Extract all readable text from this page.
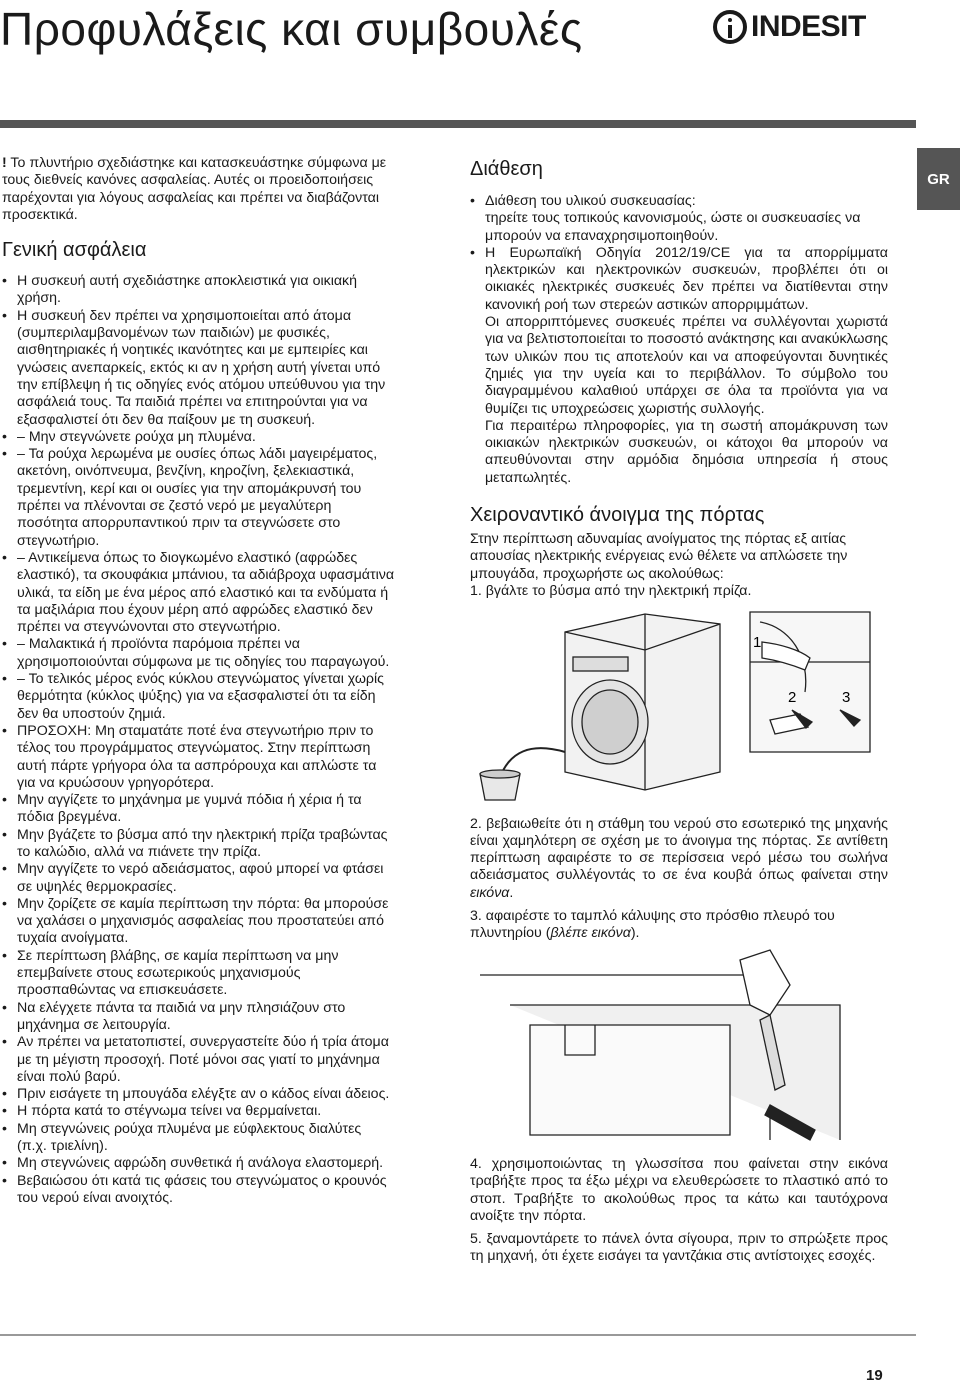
Προφυλάξεις και συμβουλές	INDESIT
GR

! Το πλυντήριο σχεδιάστηκε και κατασκευάστηκε σύμφωνα με τους διεθνείς κανόνες ασφαλείας. Αυτές οι προειδοποιήσεις παρέχονται για λόγους ασφαλείας και πρέπει να διαβάζονται προσεκτικά.

Γενική ασφάλεια
• Η συσκευή αυτή σχεδιάστηκε αποκλειστικά για οικιακή χρήση.
• Η συσκευή δεν πρέπει να χρησιμοποιείται από άτομα (συμπεριλαμβανομένων των παιδιών) με φυσικές, αισθητηριακές ή νοητικές ικανότητες και με εμπειρίες και γνώσεις ανεπαρκείς, εκτός κι αν η χρήση αυτή γίνεται υπό την επίβλεψη ή τις οδηγίες ενός ατόμου υπεύθυνου για την ασφάλειά τους. Τα παιδιά πρέπει να επιτηρούνται για να εξασφαλιστεί ότι δεν θα παίξουν με τη συσκευή.
• – Μην στεγνώνετε ρούχα μη πλυμένα.
• – Τα ρούχα λερωμένα με ουσίες όπως λάδι μαγειρέματος, ακετόνη, οινόπνευμα, βενζίνη, κηροζίνη, ξελεκιαστικά, τρεμεντίνη, κερί και οι ουσίες για την απομάκρυνσή του πρέπει να πλένονται σε ζεστό νερό με μεγαλύτερη ποσότητα απορρυπαντικού πριν τα στεγνώσετε στο στεγνωτήριο.
• – Αντικείμενα όπως το διογκωμένο ελαστικό (αφρώδες ελαστικό), τα σκουφάκια μπάνιου, τα αδιάβροχα υφασμάτινα υλικά, τα είδη με ένα μέρος από ελαστικό και τα ενδύματα ή τα μαξιλάρια που έχουν μέρη από αφρώδες ελαστικό δεν πρέπει να στεγνώνονται στο στεγνωτήριο.
• – Μαλακτικά ή προϊόντα παρόμοια πρέπει να χρησιμοποιούνται σύμφωνα με τις οδηγίες του παραγωγού.
• – Το τελικός μέρος ενός κύκλου στεγνώματος γίνεται χωρίς θερμότητα (κύκλος ψύξης) για να εξασφαλιστεί ότι τα είδη δεν θα υποστούν ζημιά.
• ΠΡΟΣΟΧΗ: Μη σταματάτε ποτέ ένα στεγνωτήριο πριν το τέλος του προγράμματος στεγνώματος. Στην περίπτωση αυτή πάρτε γρήγορα όλα τα ασπρόρουχα και απλώστε τα για να κρυώσουν γρηγορότερα.
• Μην αγγίζετε το μηχάνημα με γυμνά πόδια ή χέρια ή τα πόδια βρεγμένα.
• Μην βγάζετε το βύσμα από την ηλεκτρική πρίζα τραβώντας το καλώδιο, αλλά να πιάνετε την πρίζα.
• Μην αγγίζετε το νερό αδειάσματος, αφού μπορεί να φτάσει σε υψηλές θερμοκρασίες.
• Μην ζορίζετε σε καμία περίπτωση την πόρτα: θα μπορούσε να χαλάσει ο μηχανισμός ασφαλείας που προστατεύει από τυχαία ανοίγματα.
• Σε περίπτωση βλάβης, σε καμία περίπτωση να μην επεμβαίνετε στους εσωτερικούς μηχανισμούς προσπαθώντας να επισκευάσετε.
• Να ελέγχετε πάντα τα παιδιά να μην πλησιάζουν στο μηχάνημα σε λειτουργία.
• Αν πρέπει να μετατοπιστεί, συνεργαστείτε δύο ή τρία άτομα με τη μέγιστη προσοχή. Ποτέ μόνοι σας γιατί το μηχάνημα είναι πολύ βαρύ.
• Πριν εισάγετε τη μπουγάδα ελέγξτε αν ο κάδος είναι άδειος.
• Η πόρτα κατά το στέγνωμα τείνει να θερμαίνεται.
• Μη στεγνώνεις ρούχα πλυμένα με εύφλεκτους διαλύτες (π.χ. τριελίνη).
• Μη στεγνώνεις αφρώδη συνθετικά ή ανάλογα ελαστομερή.
• Βεβαιώσου ότι κατά τις φάσεις του στεγνώματος ο κρουνός του νερού είναι ανοιχτός.
Διάθεση
• Διάθεση του υλικού συσκευασίας:
τηρείτε τους τοπικούς κανονισμούς, ώστε οι συσκευασίες να μπορούν να επαναχρησιμοποιηθούν.
• Η Ευρωπαϊκή Οδηγία 2012/19/CE για τα απορρίμματα ηλεκτρικών και ηλεκτρονικών συσκευών, προβλέπει ότι οι οικιακές ηλεκτρικές συσκευές δεν πρέπει να διατίθενται στην κανονική ροή των στερεών αστικών απορριμμάτων.
Οι απορριπτόμενες συσκευές πρέπει να συλλέγονται χωριστά για να βελτιστοποιείται το ποσοστό ανάκτησης και ανακύκλωσης των υλικών που τις αποτελούν και να αποφεύγονται δυνητικές ζημιές για την υγεία και το περιβάλλον. Το σύμβολο του διαγραμμένου καλαθιού υπάρχει σε όλα τα προϊόντα για να θυμίζει τις υποχρεώσεις χωριστής συλλογής.
Για περαιτέρω πληροφορίες, για τη σωστή απομάκρυνση των οικιακών ηλεκτρικών συσκευών, οι κάτοχοι θα μπορούν να απευθύνονται στην αρμόδια δημόσια υπηρεσία ή στους μεταπωλητές.
Χειροναντικό άνοιγμα της πόρτας

Στην περίπτωση αδυναμίας ανοίγματος της πόρτας εξ αιτίας απουσίας ηλεκτρικής ενέργειας ενώ θέλετε να απλώσετε την μπουγάδα, προχωρήστε ως ακολούθως:

1. βγάλτε το βύσμα από την ηλεκτρική πρίζα.

1
2	3

2. βεβαιωθείτε ότι η στάθμη του νερού στο εσωτερικό της μηχανής είναι χαμηλότερη σε σχέση με το άνοιγμα της πόρτας. Σε αντίθετη περίπτωση αφαιρέστε το σε περίσσεια νερό μέσω του σωλήνα αδειάσματος συλλέγοντάς το σε ένα κουβά όπως φαίνεται στην εικόνα.

3. αφαιρέστε το ταμπλό κάλυψης στο πρόσθιο πλευρό του πλυντηρίου (βλέπε εικόνα).

4. χρησιμοποιώντας τη γλωσσίτσα που φαίνεται στην εικόνα τραβήξτε προς τα έξω μέχρι να ελευθερώσετε το πλαστικό από το στοπ. Τραβήξτε το ακολούθως προς τα κάτω και ταυτόχρονα ανοίξτε την πόρτα.

5. ξαναμοντάρετε το πάνελ όντα σίγουρα, πριν το σπρώξετε προς τη μηχανή, ότι έχετε εισάγει τα γαντζάκια στις αντίστοιχες εσοχές.

19
